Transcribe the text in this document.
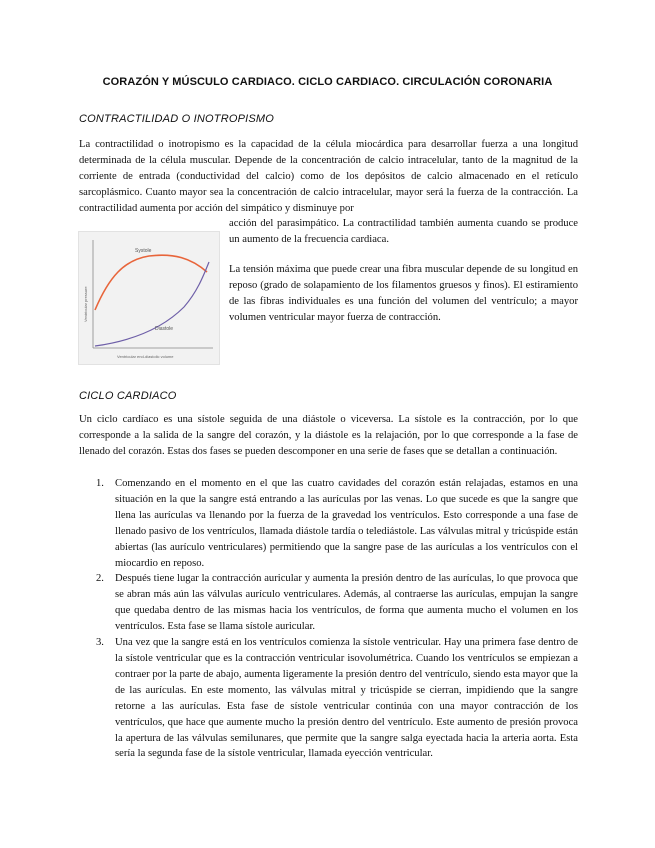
CORAZÓN Y MÚSCULO CARDIACO. CICLO CARDIACO. CIRCULACIÓN CORONARIA
CONTRACTILIDAD O INOTROPISMO

La contractilidad o inotropismo es la capacidad de la célula miocárdica para desarrollar fuerza a una longitud determinada de la célula muscular. Depende de la concentración de calcio intracelular, tanto de la magnitud de la corriente de entrada (conductividad del calcio) como de los depósitos de calcio almacenado en el retículo sarcoplásmico. Cuanto mayor sea la concentración de calcio intracelular, mayor será la fuerza de la contracción. La contractilidad aumenta por acción del simpático y disminuye por

acción del parasimpático. La contractilidad también aumenta cuando se produce un aumento de la frecuencia cardiaca.

Systole
Diastole
Ventricular pressure
Ventricular end-diastolic volume

La tensión máxima que puede crear una fibra muscular depende de su longitud en reposo (grado de solapamiento de los filamentos gruesos y finos). El estiramiento de las fibras individuales es una función del volumen del ventrículo; a mayor volumen ventricular mayor fuerza de contracción.

CICLO CARDIACO

Un ciclo cardíaco es una sístole seguida de una diástole o viceversa. La sístole es la contracción, por lo que corresponde a la salida de la sangre del corazón, y la diástole es la relajación, por lo que corresponde a la fase de llenado del corazón. Estas dos fases se pueden descomponer en una serie de fases que se detallan a continuación.

1. Comenzando en el momento en el que las cuatro cavidades del corazón están relajadas, estamos en una situación en la que la sangre está entrando a las aurículas por las venas. Lo que sucede es que la sangre que llena las aurículas va llenando por la fuerza de la gravedad los ventrículos. Esto corresponde a una fase de llenado pasivo de los ventrículos, llamada diástole tardía o telediástole. Las válvulas mitral y tricúspide están abiertas (las aurículo ventriculares) permitiendo que la sangre pase de las aurículas a los ventrículos con el miocardio en reposo.
2. Después tiene lugar la contracción auricular y aumenta la presión dentro de las aurículas, lo que provoca que se abran más aún las válvulas aurículo ventriculares. Además, al contraerse las aurículas, empujan la sangre que quedaba dentro de las mismas hacia los ventrículos, de forma que aumenta mucho el volumen en los ventrículos. Esta fase se llama sístole auricular.
3. Una vez que la sangre está en los ventrículos comienza la sístole ventricular. Hay una primera fase dentro de la sístole ventricular que es la contracción ventricular isovolumétrica. Cuando los ventrículos se empiezan a contraer por la parte de abajo, aumenta ligeramente la presión dentro del ventrículo, siendo esta mayor que la de las aurículas. En este momento, las válvulas mitral y tricúspide se cierran, impidiendo que la sangre retorne a las aurículas. Esta fase de sístole ventricular continúa con una mayor contracción de los ventrículos, que hace que aumente mucho la presión dentro del ventrículo. Este aumento de presión provoca la apertura de las válvulas semilunares, que permite que la sangre salga eyectada hacia la arteria aorta. Esta sería la segunda fase de la sístole ventricular, llamada eyección ventricular.
